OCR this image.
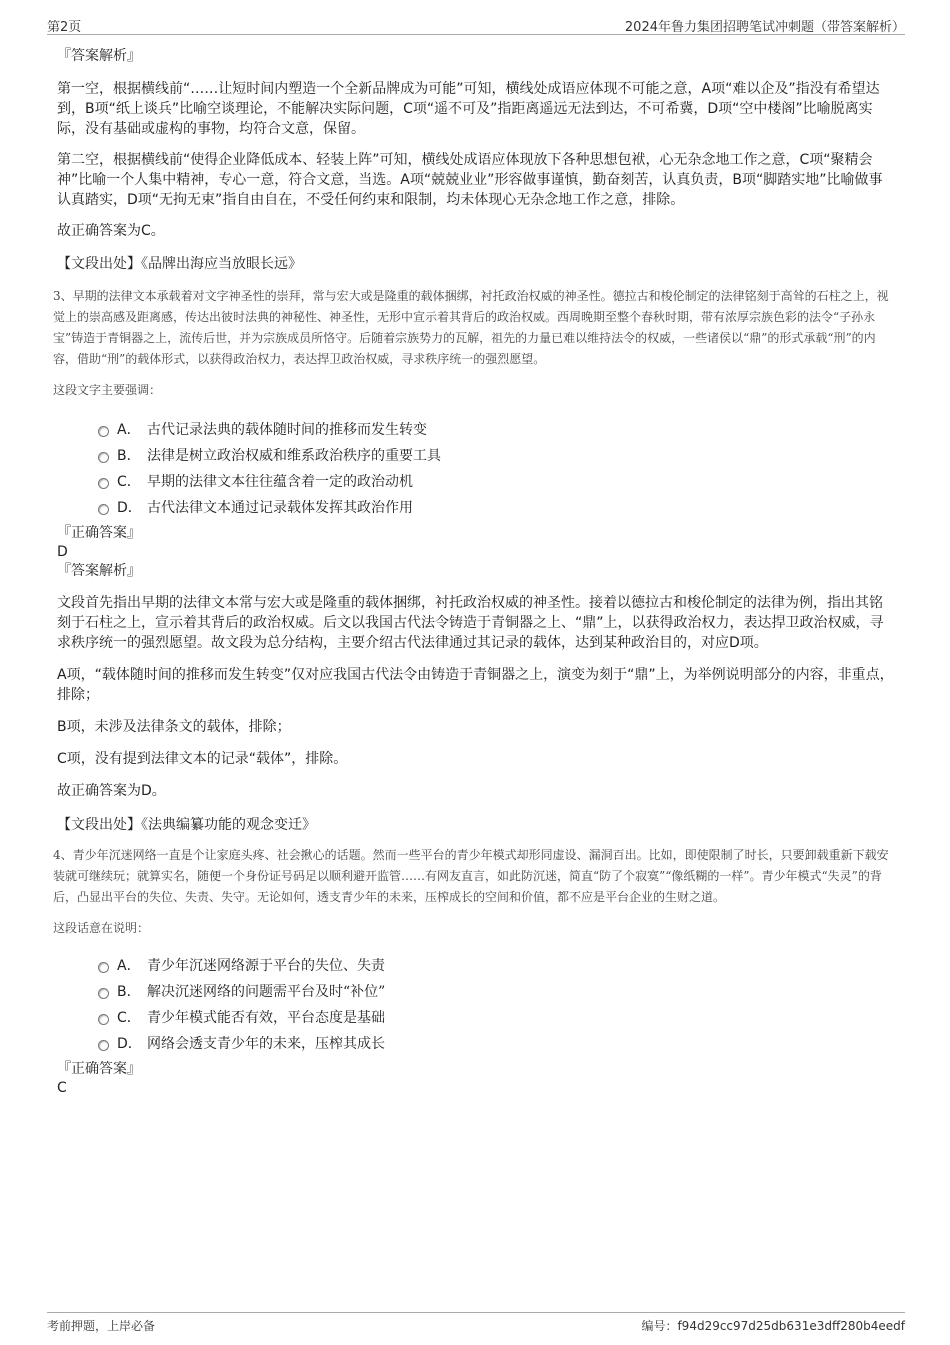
第2页	2024年鲁力集团招聘笔试冲刺题（带答案解析）
『答案解析』

第一空，根据横线前“……让短时间内塑造一个全新品牌成为可能”可知，横线处成语应体现不可能之意，A项“难以企及”指没有希望达到，B项“纸上谈兵”比喻空谈理论，不能解决实际问题，C项“遥不可及”指距离遥远无法到达，不可希冀，D项“空中楼阁”比喻脱离实际，没有基础或虚构的事物，均符合文意，保留。

第二空，根据横线前“使得企业降低成本、轻装上阵”可知，横线处成语应体现放下各种思想包袱，心无杂念地工作之意，C项“聚精会神”比喻一个人集中精神，专心一意，符合文意，当选。A项“兢兢业业”形容做事谨慎，勤奋刻苦，认真负责，B项“脚踏实地”比喻做事认真踏实，D项“无拘无束”指自由自在，不受任何约束和限制，均未体现心无杂念地工作之意，排除。

故正确答案为C。

【文段出处】《品牌出海应当放眼长远》

3、早期的法律文本承载着对文字神圣性的崇拜，常与宏大或是隆重的载体捆绑，衬托政治权威的神圣性。德拉古和梭伦制定的法律铭刻于高耸的石柱之上，视觉上的崇高感及距离感，传达出彼时法典的神秘性、神圣性，无形中宣示着其背后的政治权威。西周晚期至整个春秋时期，带有浓厚宗族色彩的法令“子孙永宝”铸造于青铜器之上，流传后世，并为宗族成员所恪守。后随着宗族势力的瓦解，祖先的力量已难以维持法令的权威，一些诸侯以“鼎”的形式承载“刑”的内容，借助“刑”的载体形式，以获得政治权力，表达捍卫政治权威，寻求秩序统一的强烈愿望。

这段文字主要强调：

A． 古代记录法典的载体随时间的推移而发生转变
B． 法律是树立政治权威和维系政治秩序的重要工具
C． 早期的法律文本往往蕴含着一定的政治动机
D． 古代法律文本通过记录载体发挥其政治作用
『正确答案』

D

『答案解析』

文段首先指出早期的法律文本常与宏大或是隆重的载体捆绑，衬托政治权威的神圣性。接着以德拉古和梭伦制定的法律为例，指出其铭刻于石柱之上，宣示着其背后的政治权威。后文以我国古代法令铸造于青铜器之上、“鼎”上，以获得政治权力，表达捍卫政治权威，寻求秩序统一的强烈愿望。故文段为总分结构，主要介绍古代法律通过其记录的载体，达到某种政治目的，对应D项。

A项，“载体随时间的推移而发生转变”仅对应我国古代法令由铸造于青铜器之上，演变为刻于“鼎”上，为举例说明部分的内容，非重点，排除；

B项，未涉及法律条文的载体，排除；

C项，没有提到法律文本的记录“载体”，排除。

故正确答案为D。

【文段出处】《法典编纂功能的观念变迁》

4、青少年沉迷网络一直是个让家庭头疼、社会揪心的话题。然而一些平台的青少年模式却形同虚设、漏洞百出。比如，即使限制了时长，只要卸载重新下载安装就可继续玩；就算实名，随便一个身份证号码足以顺利避开监管……有网友直言，如此防沉迷，简直“防了个寂寞”“像纸糊的一样”。青少年模式“失灵”的背后，凸显出平台的失位、失责、失守。无论如何，透支青少年的未来，压榨成长的空间和价值，都不应是平台企业的生财之道。

这段话意在说明：

A． 青少年沉迷网络源于平台的失位、失责
B． 解决沉迷网络的问题需平台及时“补位”
C． 青少年模式能否有效，平台态度是基础
D． 网络会透支青少年的未来，压榨其成长
『正确答案』

C

考前押题，上岸必备	编号：f94d29cc97d25db631e3dff280b4eedf
